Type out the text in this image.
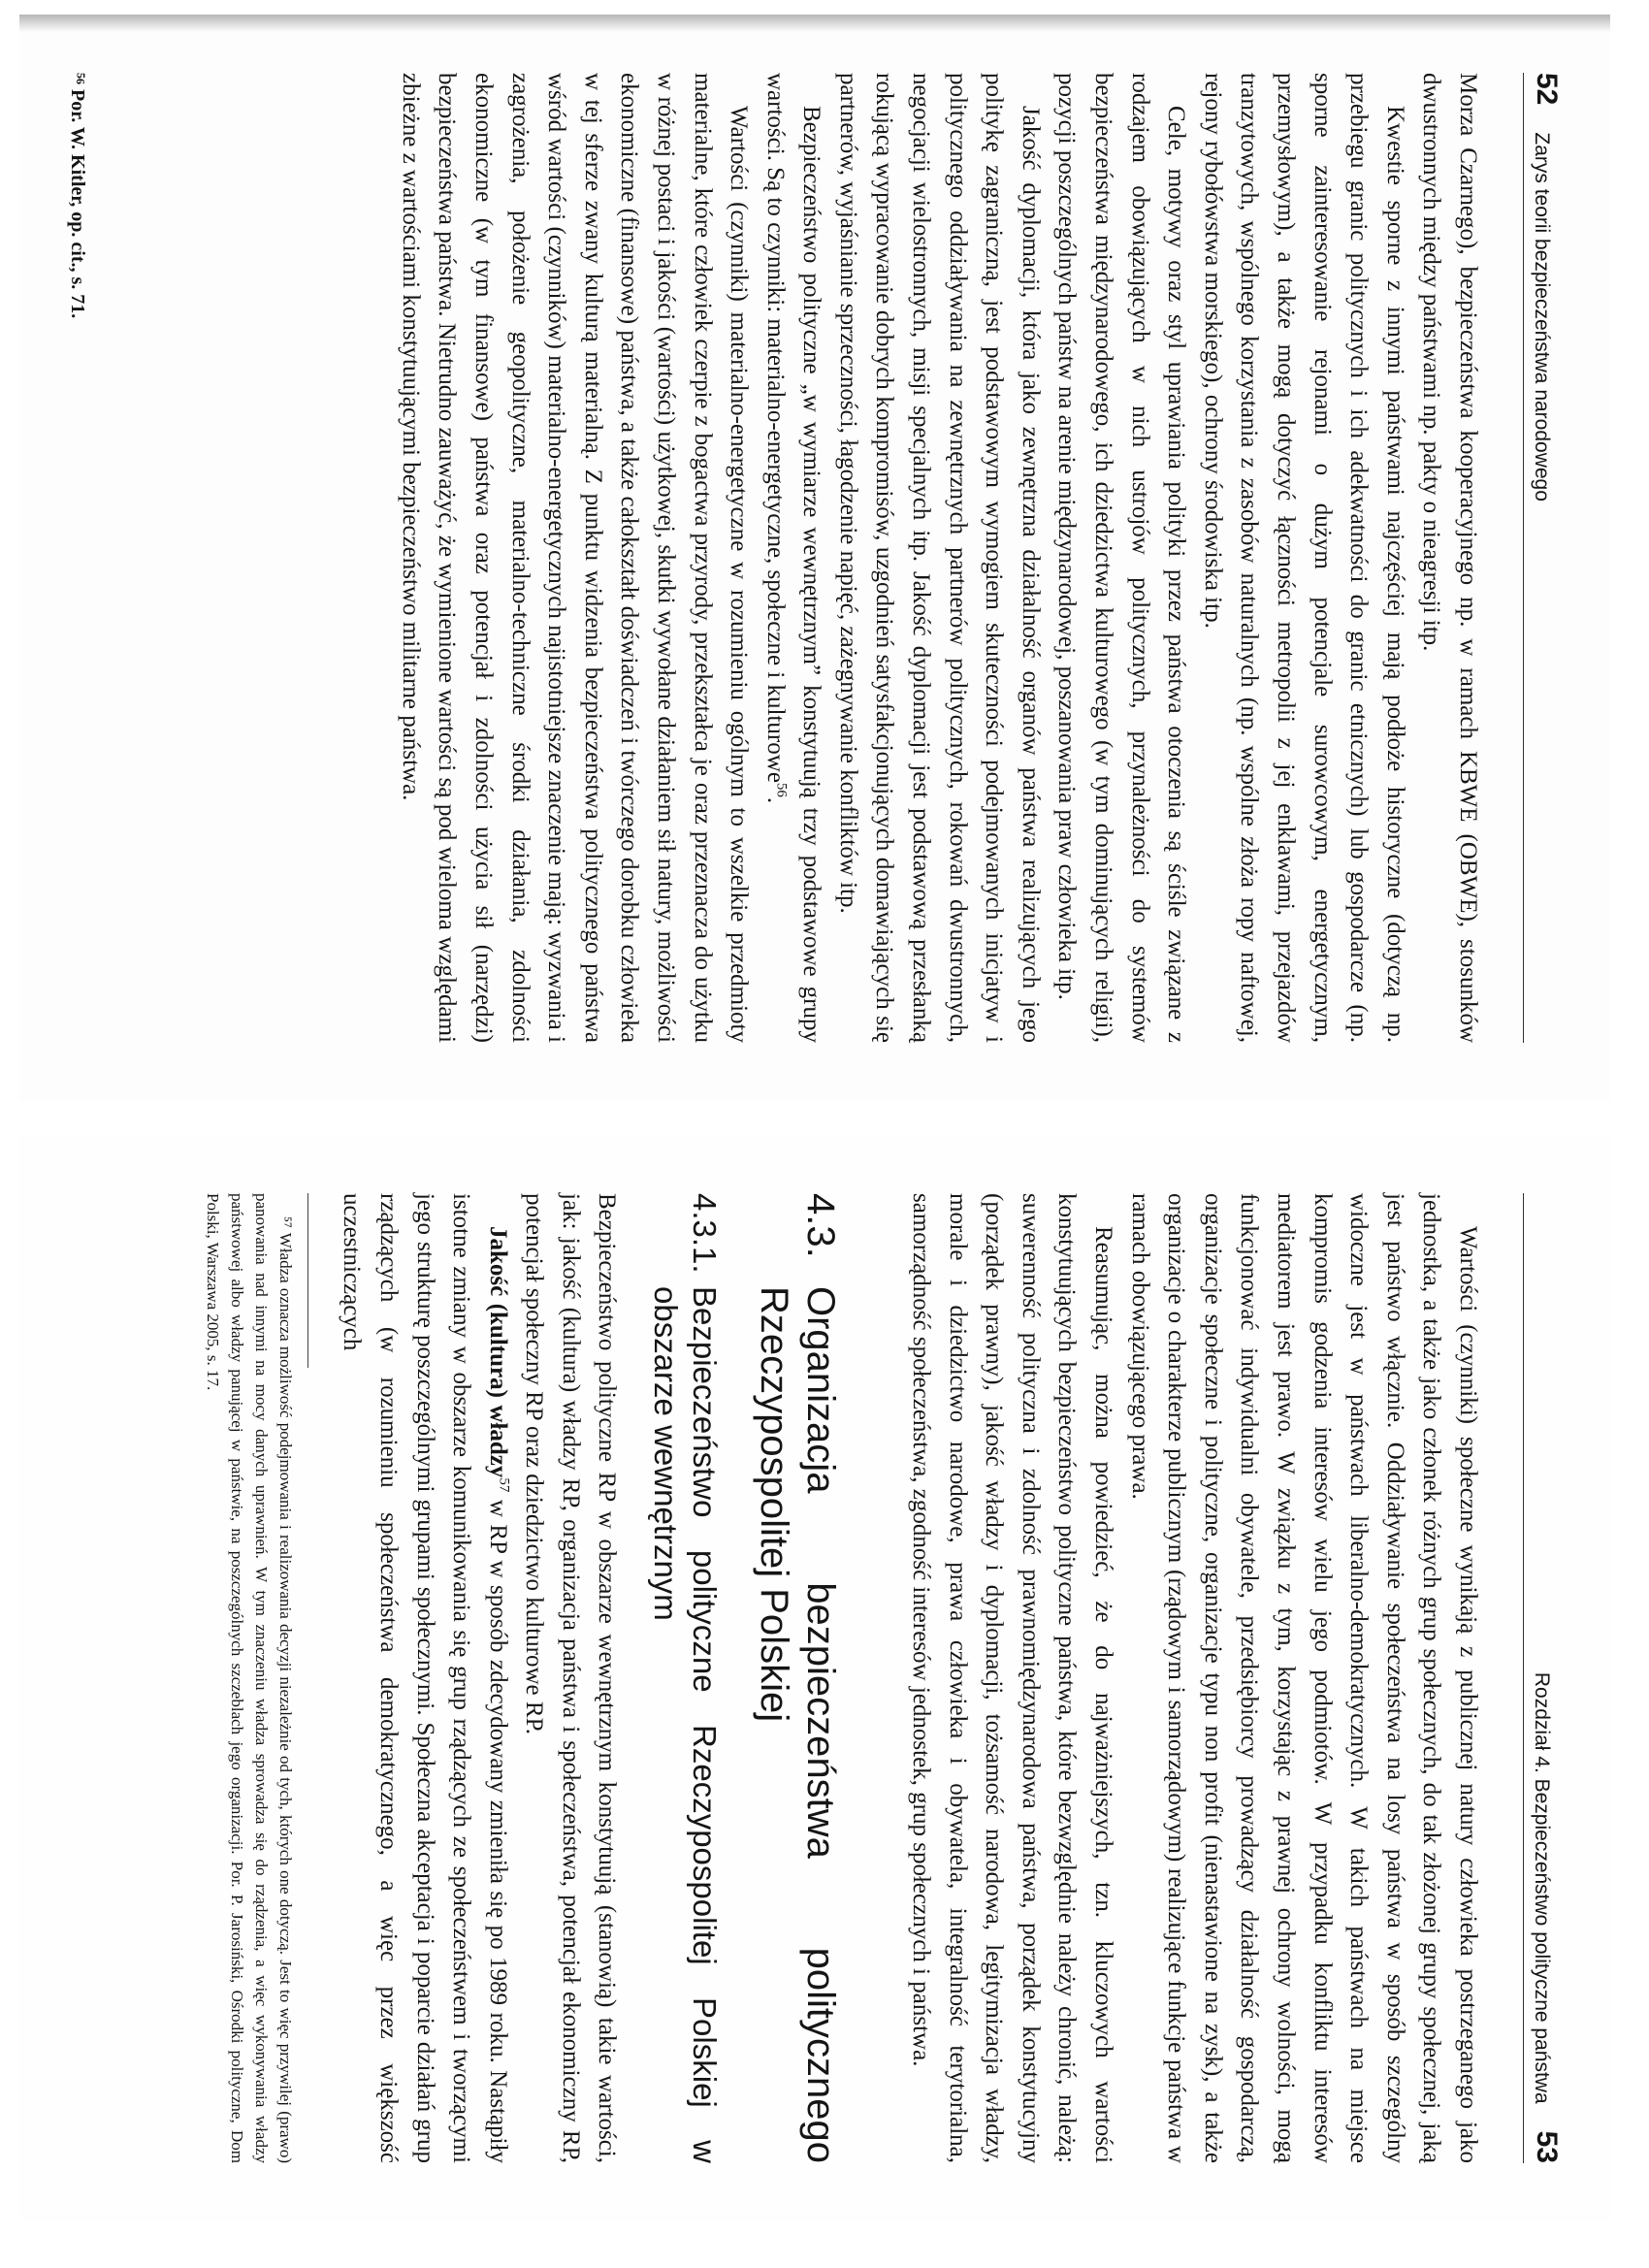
52
Zarys teorii bezpieczeństwa narodowego

Morza Czarnego), bezpieczeństwa kooperacyjnego np. w ramach KBWE (OBWE), stosunków dwustronnych między państwami np. pakty o nieagresji itp.

Kwestie sporne z innymi państwami najczęściej mają podłoże historyczne (dotyczą np. przebiegu granic politycznych i ich adekwatności do granic etnicznych) lub gospodarcze (np. sporne zainteresowanie rejonami o dużym potencjale surowcowym, energetycznym, przemysłowym), a także mogą dotyczyć łączności metropolii z jej enklawami, przejazdów tranzytowych, wspólnego korzystania z zasobów naturalnych (np. wspólne złoża ropy naftowej, rejony rybołówstwa morskiego), ochrony środowiska itp.

Cele, motywy oraz styl uprawiania polityki przez państwa otoczenia są ściśle związane z rodzajem obowiązujących w nich ustrojów politycznych, przynależności do systemów bezpieczeństwa międzynarodowego, ich dziedzictwa kulturowego (w tym dominujących religii), pozycji poszczególnych państw na arenie międzynarodowej, poszanowania praw człowieka itp.

Jakość dyplomacji, która jako zewnętrzna działalność organów państwa realizujących jego politykę zagraniczną, jest podstawowym wymogiem skuteczności podejmowanych inicjatyw i politycznego oddziaływania na zewnętrznych partnerów politycznych, rokowań dwustronnych, negocjacji wielostronnych, misji specjalnych itp. Jakość dyplomacji jest podstawową przesłanką rokującą wypracowanie dobrych kompromisów, uzgodnień satysfakcjonujących domawiających się partnerów, wyjaśnianie sprzeczności, łagodzenie napięć, zażegnywanie konfliktów itp.

Bezpieczeństwo polityczne „w wymiarze wewnętrznym” konstytuują trzy podstawowe grupy wartości. Są to czynniki: materialno-energetyczne, społeczne i kulturowe$^{56}$.

Wartości (czynniki) materialno-energetyczne w rozumieniu ogólnym to wszelkie przedmioty materialne, które człowiek czerpie z bogactwa przyrody, przekształca je oraz przeznacza do użytku w różnej postaci i jakości (wartości) użytkowej, skutki wywołane działaniem sił natury, możliwości ekonomiczne (finansowe) państwa, a także całokształt doświadczeń i twórczego dorobku człowieka w tej sferze zwany kulturą materialną. Z punktu widzenia bezpieczeństwa politycznego państwa wśród wartości (czynników) materialno-energetycznych najistotniejsze znaczenie mają: wyzwania i zagrożenia, położenie geopolityczne, materialno-techniczne środki działania, zdolności ekonomiczne (w tym finansowe) państwa oraz potencjał i zdolności użycia sił (narzędzi) bezpieczeństwa państwa. Nietrudno zauważyć, że wymienione wartości są pod wieloma względami zbieżne z wartościami konstytuującymi bezpieczeństwo militarne państwa.

⁵⁶ Por. W. Kitler, op. cit., s. 71.
Rozdział 4. Bezpieczeństwo polityczne państwa
53

Wartości (czynniki) społeczne wynikają z publicznej natury człowieka postrzeganego jako jednostka, a także jako członek różnych grup społecznych, do tak złożonej grupy społecznej, jaką jest państwo włącznie. Oddziaływanie społeczeństwa na losy państwa w sposób szczególny widoczne jest w państwach liberalno-demokratycznych. W takich państwach na miejsce kompromis godzenia interesów wielu jego podmiotów. W przypadku konfliktu interesów mediatorem jest prawo. W związku z tym, korzystając z prawnej ochrony wolności, mogą funkcjonować indywidualni obywatele, przedsiębiorcy prowadzący działalność gospodarczą, organizacje społeczne i polityczne, organizacje typu non profit (nienastawione na zysk), a także organizacje o charakterze publicznym (rządowym i samorządowym) realizujące funkcje państwa w ramach obowiązującego prawa.

Reasumując, można powiedzieć, że do najważniejszych, tzn. kluczowych wartości konstytuujących bezpieczeństwo polityczne państwa, które bezwzględnie należy chronić, należą: suwerenność polityczna i zdolność prawnomiędzynarodowa państwa, porządek konstytucyjny (porządek prawny), jakość władzy i dyplomacji, tożsamość narodowa, legitymizacja władzy, morale i dziedzictwo narodowe, prawa człowieka i obywatela, integralność terytorialna, samorządność społeczeństwa, zgodność interesów jednostek, grup społecznych i państwa.

4.3.
Organizacja bezpieczeństwa politycznego Rzeczypospolitej Polskiej
4.3.1.
Bezpieczeństwo polityczne Rzeczypospolitej Polskiej w obszarze wewnętrznym

Bezpieczeństwo polityczne RP w obszarze wewnętrznym konstytuują (stanowią) takie wartości, jak: jakość (kultura) władzy RP, organizacja państwa i społeczeństwa, potencjał ekonomiczny RP, potencjał społeczny RP oraz dziedzictwo kulturowe RP.

Jakość (kultura) władzy$^{57}$ w RP w sposób zdecydowany zmieniła się po 1989 roku. Nastąpiły istotne zmiany w obszarze komunikowania się grup rządzących ze społeczeństwem i tworzącymi jego strukturę poszczególnymi grupami społecznymi. Społeczna akceptacja i poparcie działań grup rządzących (w rozumieniu społeczeństwa demokratycznego, a więc przez większość uczestniczących

⁵⁷ Władza oznacza możliwość podejmowania i realizowania decyzji niezależnie od tych, których one dotyczą. Jest to więc przywilej (prawo) panowania nad innymi na mocy danych uprawnień. W tym znaczeniu władza sprowadza się do rządzenia, a więc wykonywania władzy państwowej albo władzy panującej w państwie, na poszczególnych szczeblach jego organizacji. Por. P. Jarosiński, Ośrodki polityczne, Dom Polski, Warszawa 2005, s. 17.
